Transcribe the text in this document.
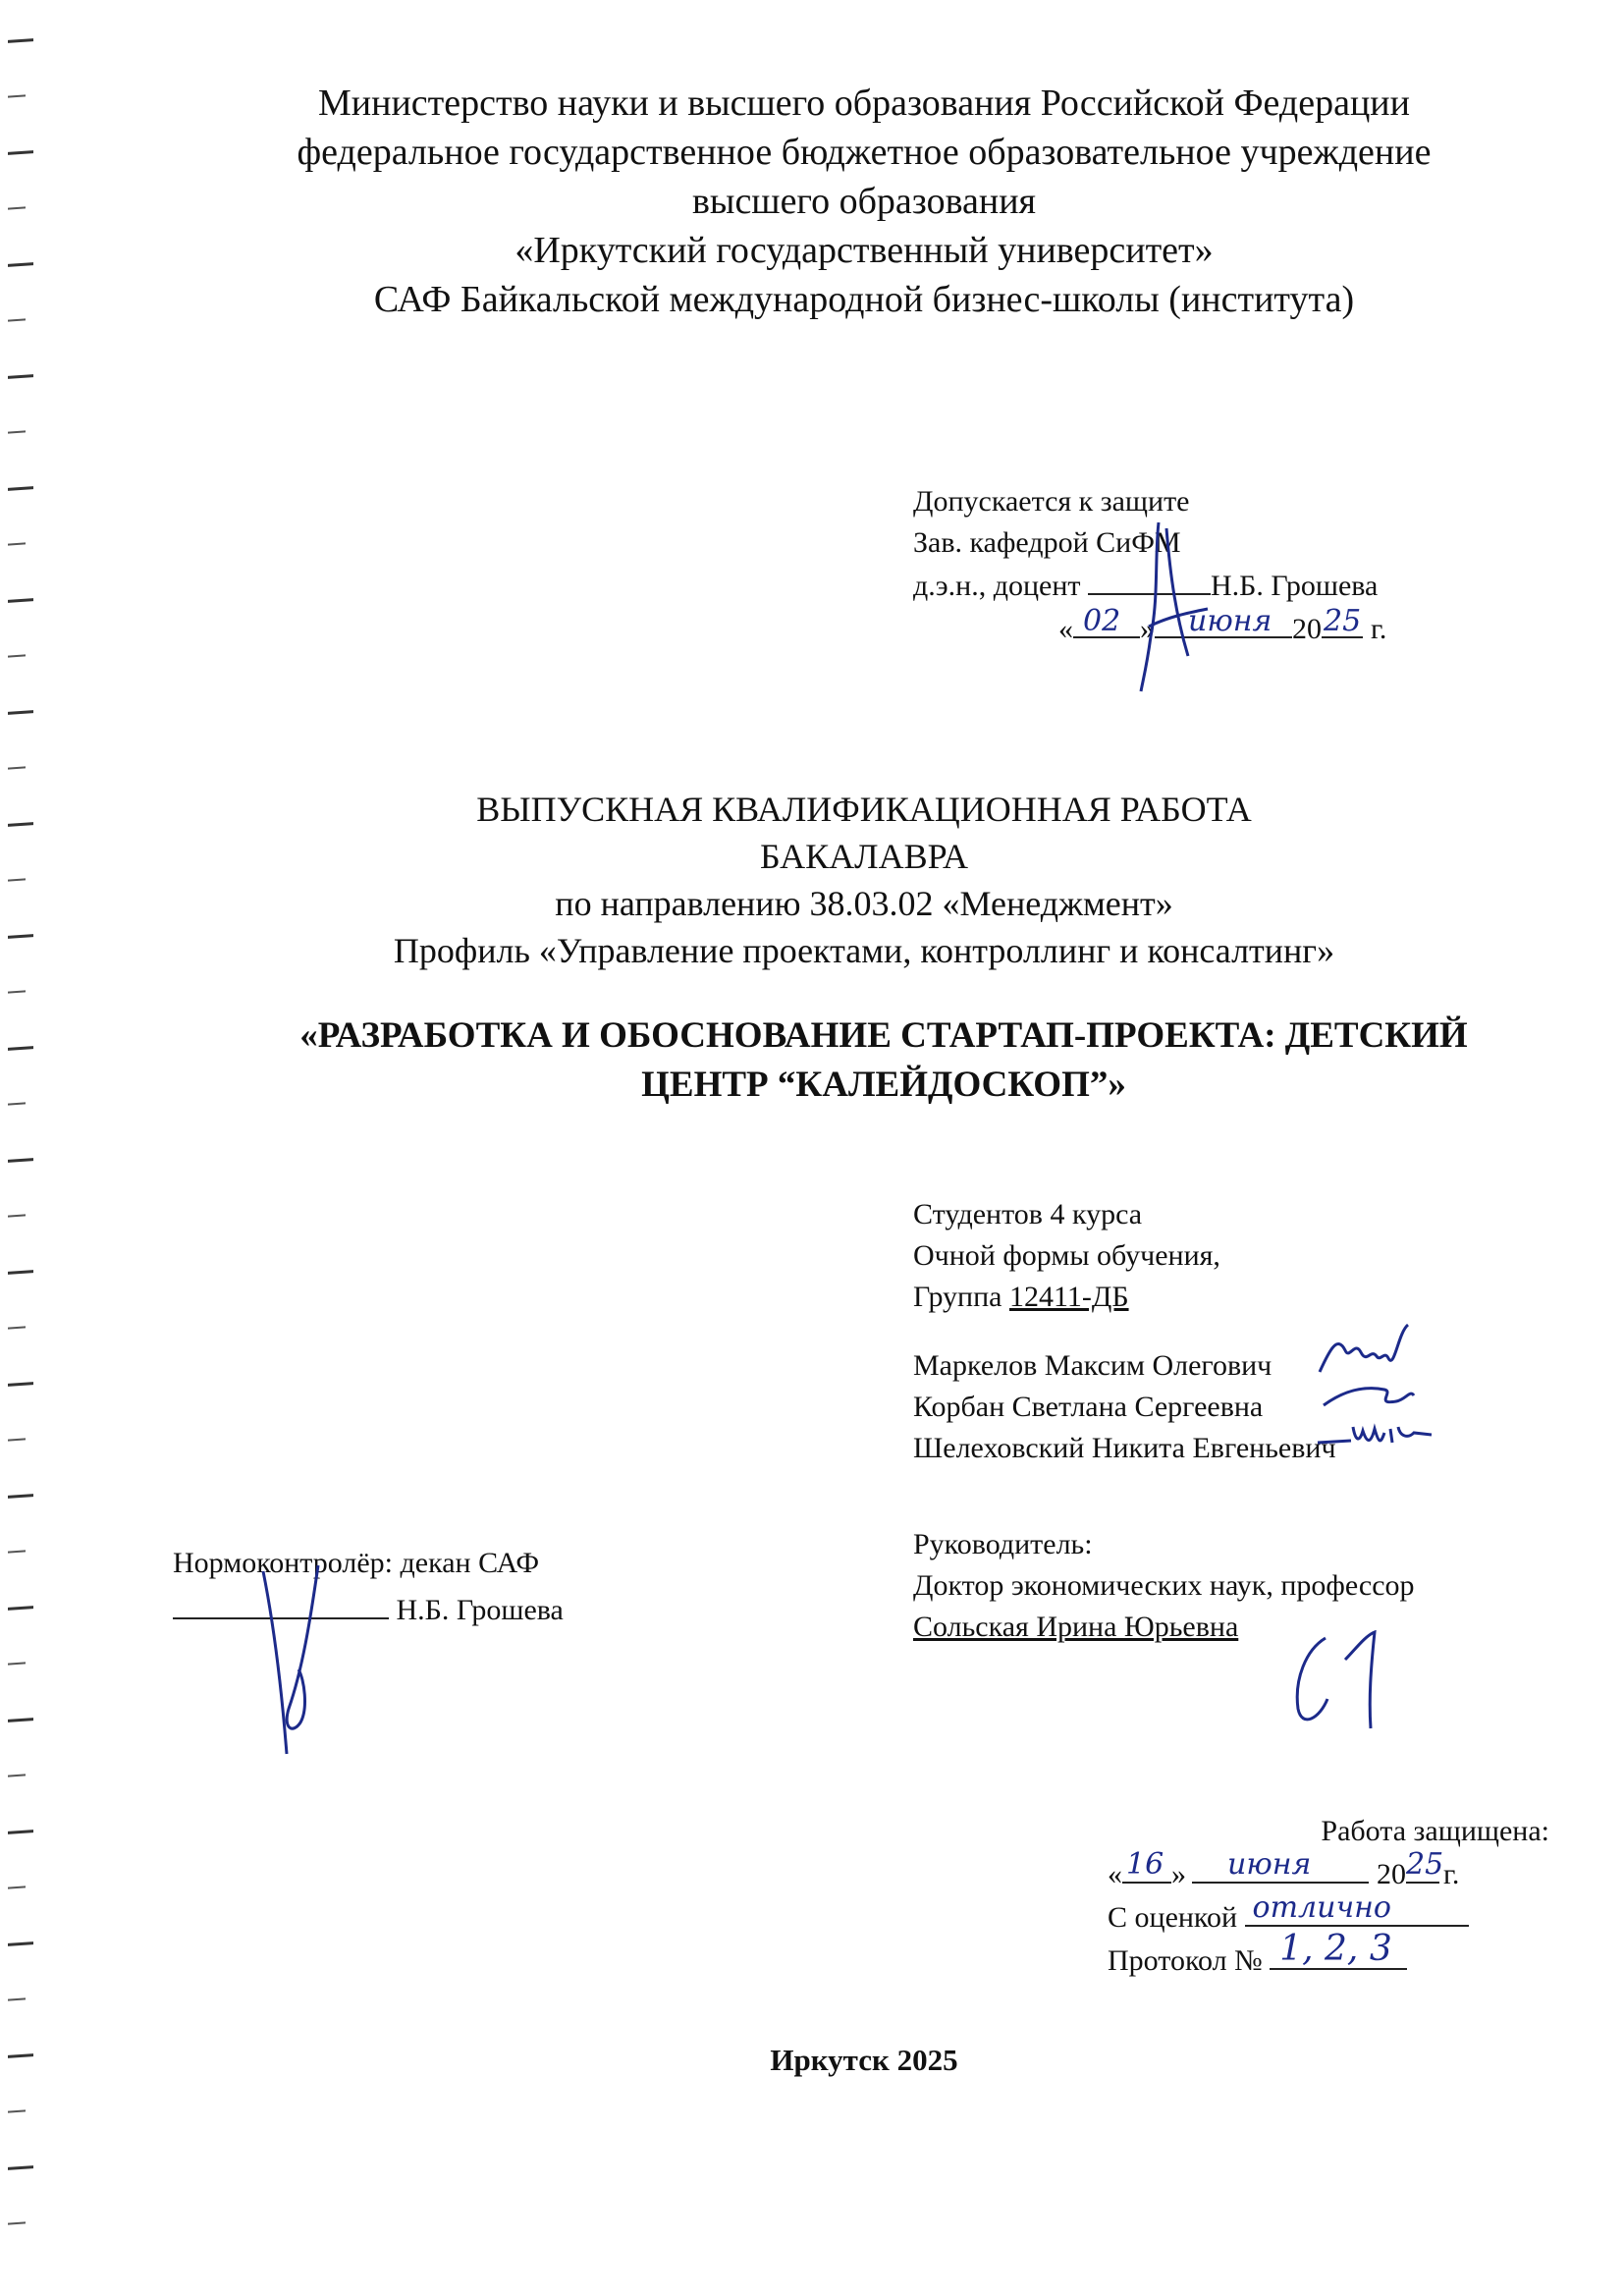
Министерство науки и высшего образования Российской Федерации
федеральное государственное бюджетное образовательное учреждение
высшего образования
«Иркутский государственный университет»
САФ Байкальской международной бизнес-школы (института)
Допускается к защите
Зав. кафедрой СиФМ
д.э.н., доцент	Н.Б. Грошева
« 02 » июня 20 25 г.
ВЫПУСКНАЯ КВАЛИФИКАЦИОННАЯ РАБОТА
БАКАЛАВРА
по направлению 38.03.02 «Менеджмент»
Профиль «Управление проектами, контроллинг и консалтинг»
«РАЗРАБОТКА И ОБОСНОВАНИЕ СТАРТАП-ПРОЕКТА: ДЕТСКИЙ
ЦЕНТР “КАЛЕЙДОСКОП”»
Студентов 4 курса
Очной формы обучения,
Группа 12411-ДБ
Маркелов Максим Олегович
Корбан Светлана Сергеевна
Шелеховский Никита Евгеньевич
Нормоконтролёр: декан САФ
Н.Б. Грошева
Руководитель:
Доктор экономических наук, профессор
Сольская Ирина Юрьевна
Работа защищена:
« 16 » июня 20 25 г.
С оценкой отлично
Протокол № 1, 2, 3
Иркутск 2025
